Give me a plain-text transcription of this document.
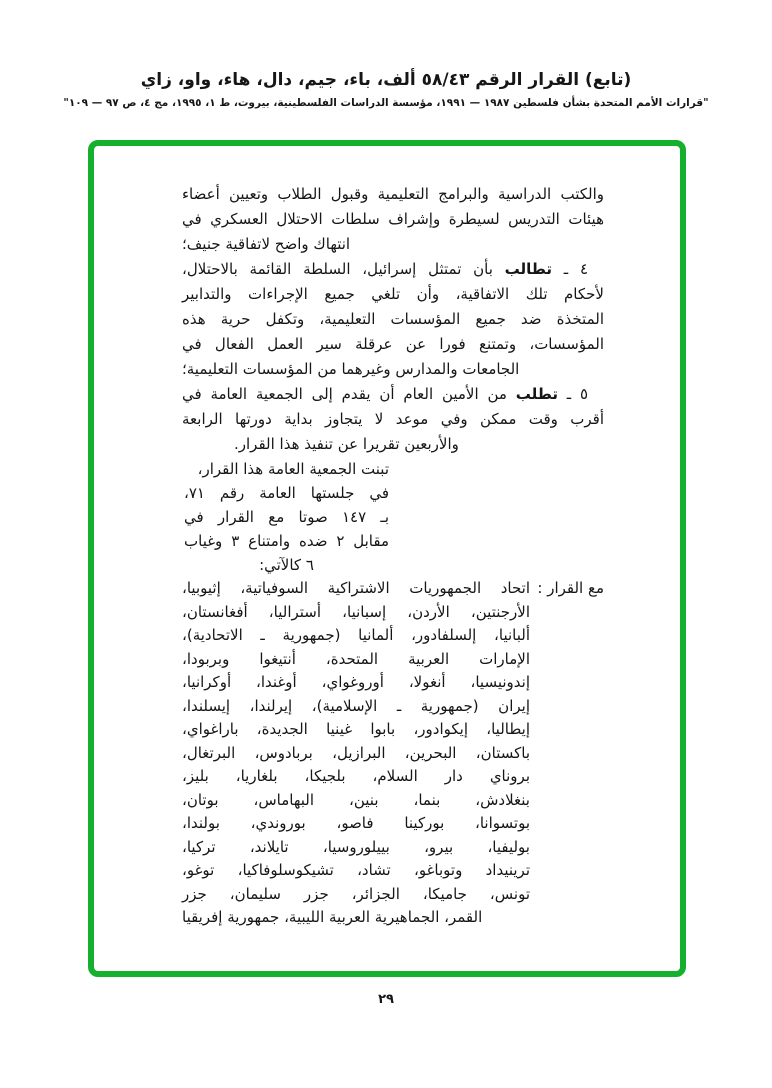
(تابع) القرار الرقم ٥٨/٤٣ ألف، باء، جيم، دال، هاء، واو، زاي
"قرارات الأمم المتحدة بشأن فلسطين ١٩٨٧ — ١٩٩١، مؤسسة الدراسات الفلسطينية، بيروت، ط ١، ١٩٩٥، مج ٤، ص ٩٧ — ١٠٩"
والكتب الدراسية والبرامج التعليمية وقبول الطلاب وتعيين أعضاء
هيئات التدريس لسيطرة وإشراف سلطات الاحتلال العسكري في
انتهاك واضح لاتفاقية جنيف؛
٤ ـ تطالب بأن تمتثل إسرائيل، السلطة القائمة بالاحتلال،
لأحكام تلك الاتفاقية، وأن تلغي جميع الإجراءات والتدابير
المتخذة ضد جميع المؤسسات التعليمية، وتكفل حرية هذه
المؤسسات، وتمتنع فورا عن عرقلة سير العمل الفعال في
الجامعات والمدارس وغيرهما من المؤسسات التعليمية؛
٥ ـ تطلب من الأمين العام أن يقدم إلى الجمعية العامة في
أقرب وقت ممكن وفي موعد لا يتجاوز بداية دورتها الرابعة
والأربعين تقريرا عن تنفيذ هذا القرار.
تبنت الجمعية العامة هذا القرار،
في جلستها العامة رقم ٧١،
بـ ١٤٧ صوتا مع القرار في
مقابل ٢ ضده وامتناع ٣ وغياب
٦ كالآتي:
مع القرار :
اتحاد الجمهوريات الاشتراكية السوفياتية، إثيوبيا،
الأرجنتين، الأردن، إسبانيا، أستراليا، أفغانستان،
ألبانيا، إلسلفادور، ألمانيا (جمهورية ـ الاتحادية)،
الإمارات العربية المتحدة، أنتيغوا وبربودا،
إندونيسيا، أنغولا، أوروغواي، أوغندا، أوكرانيا،
إيران (جمهورية ـ الإسلامية)، إيرلندا، إيسلندا،
إيطاليا، إيكوادور، بابوا غينيا الجديدة، باراغواي،
باكستان، البحرين، البرازيل، بربادوس، البرتغال،
بروناي دار السلام، بلجيكا، بلغاريا، بليز،
بنغلادش، بنما، بنين، البهاماس، بوتان،
بوتسوانا، بوركينا فاصو، بوروندي، بولندا،
بوليفيا، بيرو، بييلوروسيا، تايلاند، تركيا،
ترينيداد وتوباغو، تشاد، تشيكوسلوفاكيا، توغو،
تونس، جاميكا، الجزائر، جزر سليمان، جزر
القمر، الجماهيرية العربية الليبية، جمهورية إفريقيا
٢٩
